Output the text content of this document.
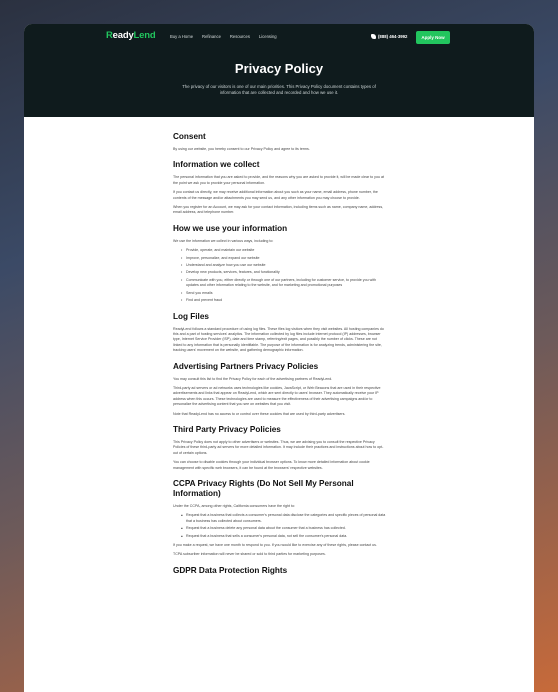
ReadyLend	Buy a Home Refinance Resources Licensing	(888) 464-3992	Apply Now
Privacy Policy
The privacy of our visitors is one of our main priorities. This Privacy Policy document contains types of information that are collected and recorded and how we use it.
Consent

By using our website, you hereby consent to our Privacy Policy and agree to its terms.

Information we collect

The personal information that you are asked to provide, and the reasons why you are asked to provide it, will be made clear to you at the point we ask you to provide your personal information.

If you contact us directly, we may receive additional information about you such as your name, email address, phone number, the contents of the message and/or attachments you may send us, and any other information you may choose to provide.

When you register for an Account, we may ask for your contact information, including items such as name, company name, address, email address, and telephone number.

How we use your information

We use the information we collect in various ways, including to:

• Provide, operate, and maintain our website
• Improve, personalize, and expand our website
• Understand and analyze how you use our website
• Develop new products, services, features, and functionality
• Communicate with you, either directly or through one of our partners, including for customer service, to provide you with updates and other information relating to the website, and for marketing and promotional purposes
• Send you emails
• Find and prevent fraud
Log Files

ReadyLend follows a standard procedure of using log files. These files log visitors when they visit websites. All hosting companies do this and a part of hosting services' analytics. The information collected by log files include internet protocol (IP) addresses, browser type, Internet Service Provider (ISP), date and time stamp, referring/exit pages, and possibly the number of clicks. These are not linked to any information that is personally identifiable. The purpose of the information is for analyzing trends, administering the site, tracking users' movement on the website, and gathering demographic information.

Advertising Partners Privacy Policies

You may consult this list to find the Privacy Policy for each of the advertising partners of ReadyLend.

Third-party ad servers or ad networks uses technologies like cookies, JavaScript, or Web Beacons that are used in their respective advertisements and links that appear on ReadyLend, which are sent directly to users' browser. They automatically receive your IP address when this occurs. These technologies are used to measure the effectiveness of their advertising campaigns and/or to personalize the advertising content that you see on websites that you visit.

Note that ReadyLend has no access to or control over these cookies that are used by third-party advertisers.

Third Party Privacy Policies

This Privacy Policy does not apply to other advertisers or websites. Thus, we are advising you to consult the respective Privacy Policies of these third-party ad servers for more detailed information. It may include their practices and instructions about how to opt-out of certain options.

You can choose to disable cookies through your individual browser options. To know more detailed information about cookie management with specific web browsers, it can be found at the browsers' respective websites.

CCPA Privacy Rights (Do Not Sell My Personal Information)

Under the CCPA, among other rights, California consumers have the right to:

■ Request that a business that collects a consumer's personal data disclose the categories and specific pieces of personal data that a business has collected about consumers.
■ Request that a business delete any personal data about the consumer that a business has collected.
■ Request that a business that sells a consumer's personal data, not sell the consumer's personal data.

If you make a request, we have one month to respond to you. If you would like to exercise any of these rights, please contact us.

TCPA subscriber information will never be shared or sold to third parties for marketing purposes.

GDPR Data Protection Rights
